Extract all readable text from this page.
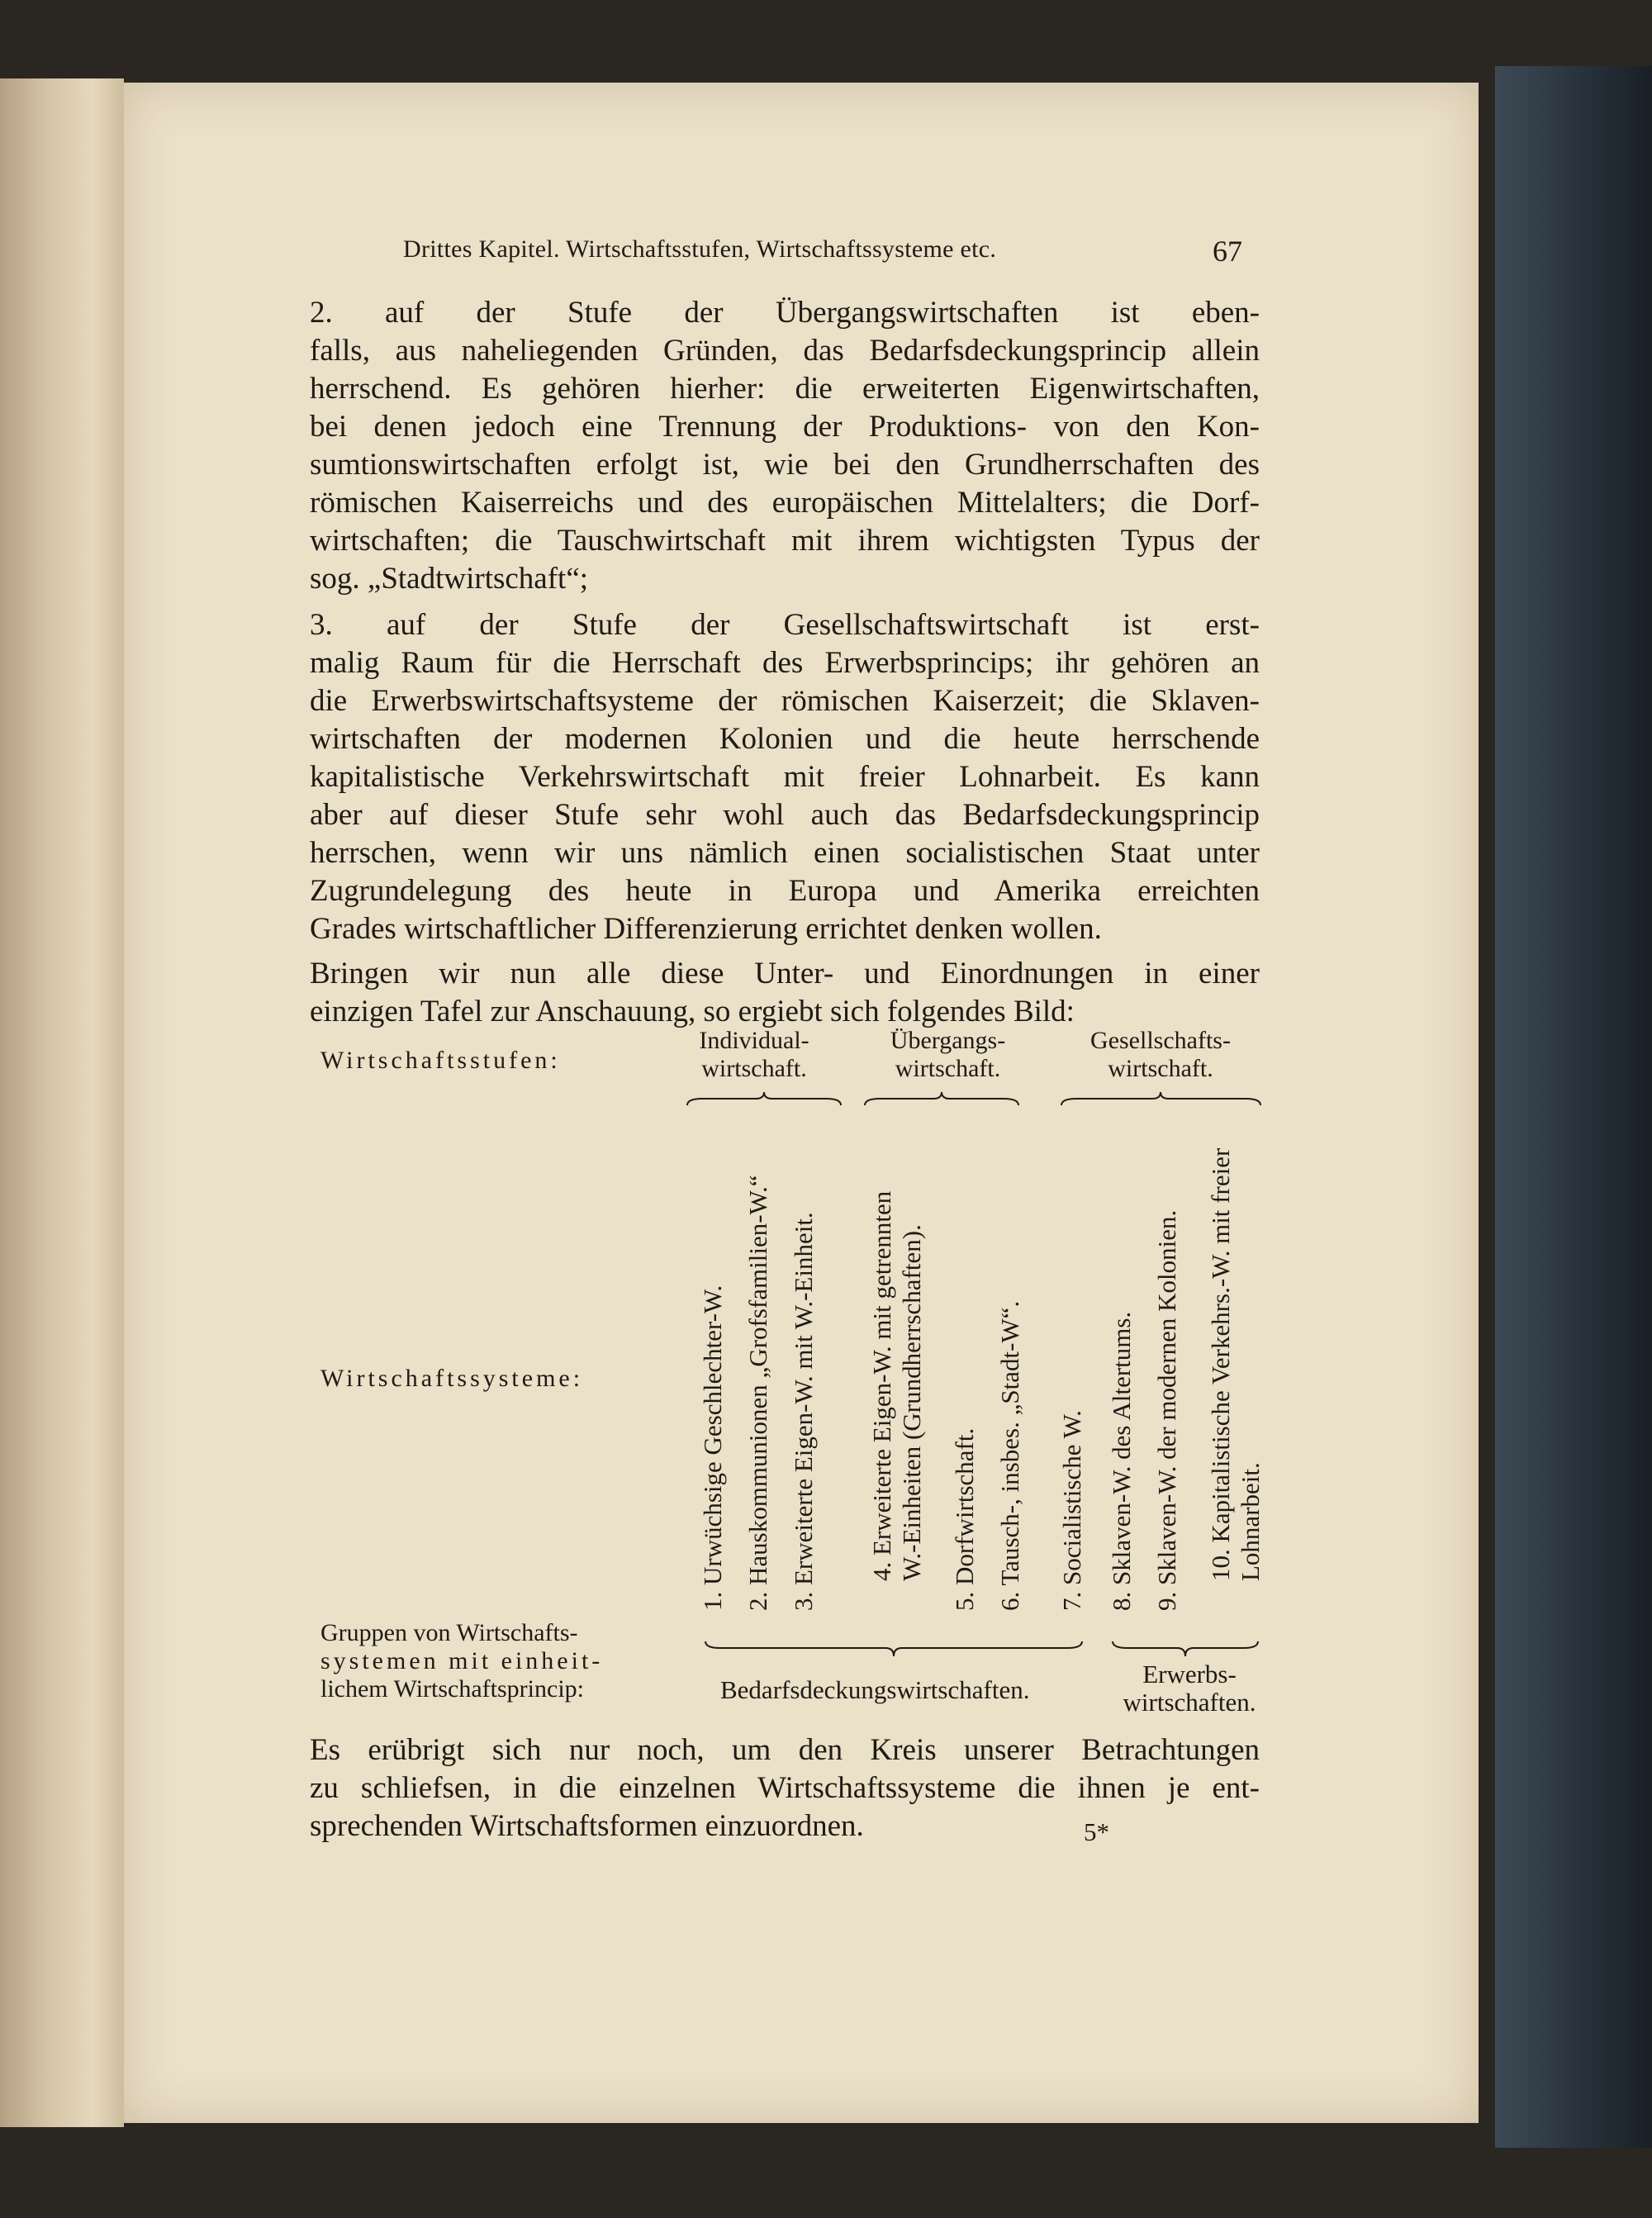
Drittes Kapitel. Wirtschaftsstufen, Wirtschaftssysteme etc.	67
2. auf der Stufe der Übergangswirtschaften ist eben-
falls, aus naheliegenden Gründen, das Bedarfsdeckungsprincip allein
herrschend. Es gehören hierher: die erweiterten Eigenwirtschaften,
bei denen jedoch eine Trennung der Produktions- von den Kon-
sumtionswirtschaften erfolgt ist, wie bei den Grundherrschaften des
römischen Kaiserreichs und des europäischen Mittelalters; die Dorf-
wirtschaften; die Tauschwirtschaft mit ihrem wichtigsten Typus der
sog. „Stadtwirtschaft“;
3. auf der Stufe der Gesellschaftswirtschaft ist erst-
malig Raum für die Herrschaft des Erwerbsprincips; ihr gehören an
die Erwerbswirtschaftsysteme der römischen Kaiserzeit; die Sklaven-
wirtschaften der modernen Kolonien und die heute herrschende
kapitalistische Verkehrswirtschaft mit freier Lohnarbeit. Es kann
aber auf dieser Stufe sehr wohl auch das Bedarfsdeckungsprincip
herrschen, wenn wir uns nämlich einen socialistischen Staat unter
Zugrundelegung des heute in Europa und Amerika erreichten
Grades wirtschaftlicher Differenzierung errichtet denken wollen.
Bringen wir nun alle diese Unter- und Einordnungen in einer
einzigen Tafel zur Anschauung, so ergiebt sich folgendes Bild:
Wirtschaftsstufen:
Wirtschaftssysteme:
Gruppen von Wirtschafts-
systemen mit einheit-
lichem Wirtschaftsprincip:
Individual-
wirtschaft.
Übergangs-
wirtschaft.
Gesellschafts-
wirtschaft.
1. Urwüchsige Geschlechter-W. 2. Hauskommunionen „Grofsfamilien-W.“ 3. Erweiterte Eigen-W. mit W.-Einheit. 4. Erweiterte Eigen-W. mit getrennten W.-Einheiten (Grundherrschaften). 5. Dorfwirtschaft. 6. Tausch-, insbes. „Stadt-W“. 7. Socialistische W. 8. Sklaven-W. des Altertums. 9. Sklaven-W. der modernen Kolonien. 10. Kapitalistische Verkehrs.-W. mit freier Lohnarbeit.
Bedarfsdeckungswirtschaften.
Erwerbs-
wirtschaften.
Es erübrigt sich nur noch, um den Kreis unserer Betrachtungen
zu schliefsen, in die einzelnen Wirtschaftssysteme die ihnen je ent-
sprechenden Wirtschaftsformen einzuordnen.	5*
